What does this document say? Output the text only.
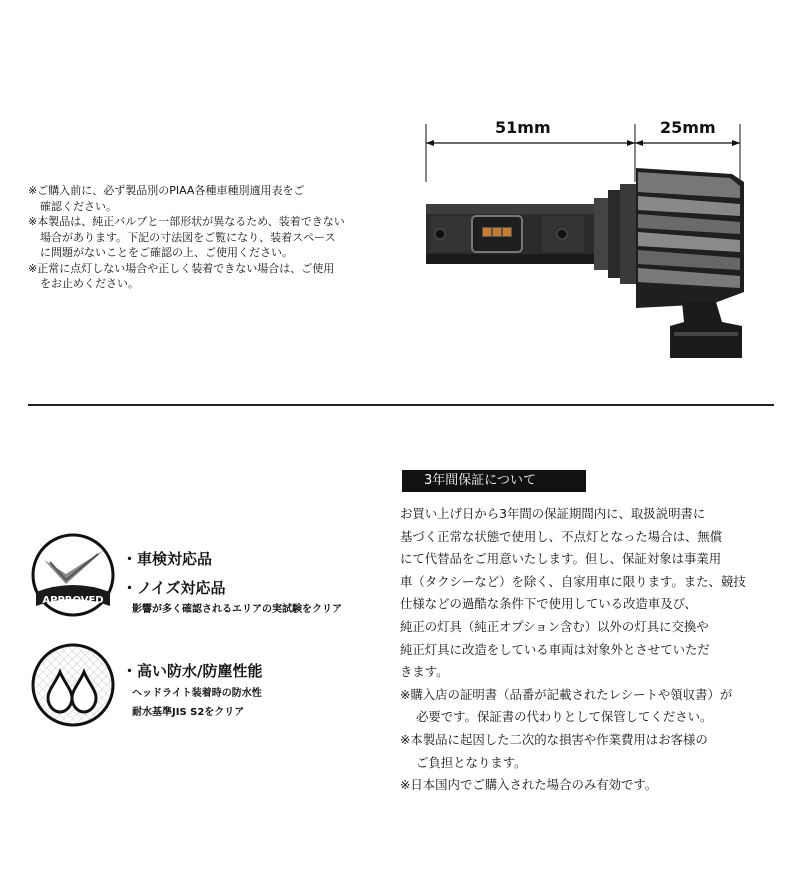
※ご購入前に、必ず製品別のPIAA各種車種別適用表をご
確認ください。
※本製品は、純正バルブと一部形状が異なるため、装着できない
場合があります。下記の寸法図をご覧になり、装着スペース
に問題がないことをご確認の上、ご使用ください。
※正常に点灯しない場合や正しく装着できない場合は、ご使用
をお止めください。
51mm	25mm
APPROVED
・車検対応品
・ノイズ対応品
影響が多く確認されるエリアの実試験をクリア
・高い防水/防塵性能
ヘッドライト装着時の防水性
耐水基準JIS S2をクリア
3年間保証について
お買い上げ日から3年間の保証期間内に、取扱説明書に
基づく正常な状態で使用し、不点灯となった場合は、無償
にて代替品をご用意いたします。但し、保証対象は事業用
車（タクシーなど）を除く、自家用車に限ります。また、競技
仕様などの過酷な条件下で使用している改造車及び、
純正の灯具（純正オプション含む）以外の灯具に交換や
純正灯具に改造をしている車両は対象外とさせていただ
きます。
※購入店の証明書（品番が記載されたレシートや領収書）が
必要です。保証書の代わりとして保管してください。
※本製品に起因した二次的な損害や作業費用はお客様の
ご負担となります。
※日本国内でご購入された場合のみ有効です。
